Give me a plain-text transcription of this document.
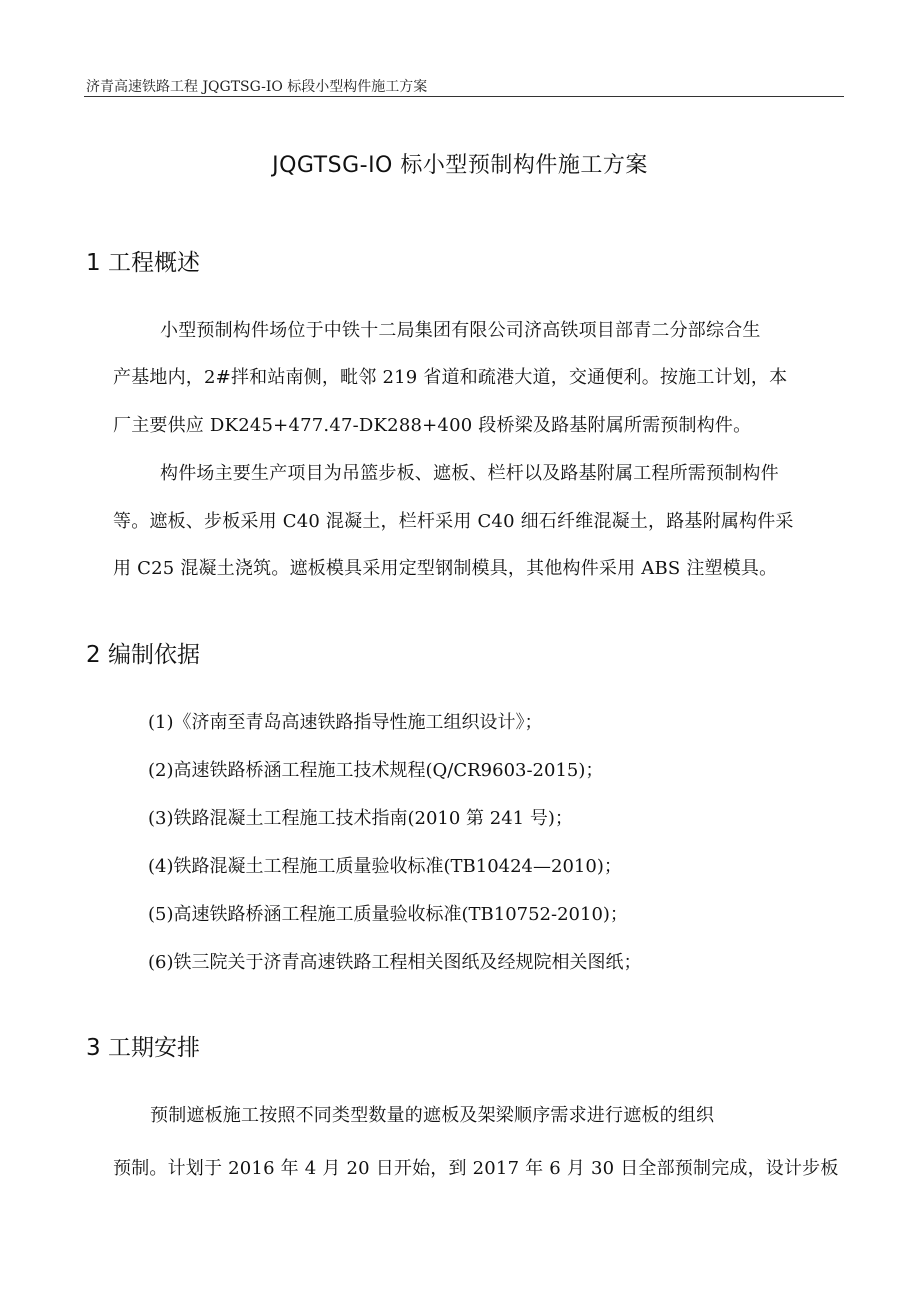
济青高速铁路工程 JQGTSG-IO 标段小型构件施工方案
JQGTSG-IO 标小型预制构件施工方案
1 工程概述
小型预制构件场位于中铁十二局集团有限公司济高铁项目部青二分部综合生
产基地内，2#拌和站南侧，毗邻 219 省道和疏港大道，交通便利。按施工计划，本
厂主要供应 DK245+477.47-DK288+400 段桥梁及路基附属所需预制构件。
构件场主要生产项目为吊篮步板、遮板、栏杆以及路基附属工程所需预制构件
等。遮板、步板采用 C40 混凝土，栏杆采用 C40 细石纤维混凝土，路基附属构件采
用 C25 混凝土浇筑。遮板模具采用定型钢制模具，其他构件采用 ABS 注塑模具。
2 编制依据
(1)《济南至青岛高速铁路指导性施工组织设计》；
(2)高速铁路桥涵工程施工技术规程(Q/CR9603-2015)；
(3)铁路混凝土工程施工技术指南(2010 第 241 号)；
(4)铁路混凝土工程施工质量验收标准(TB10424—2010)；
(5)高速铁路桥涵工程施工质量验收标准(TB10752-2010)；
(6)铁三院关于济青高速铁路工程相关图纸及经规院相关图纸；
3 工期安排
预制遮板施工按照不同类型数量的遮板及架梁顺序需求进行遮板的组织
预制。计划于 2016 年 4 月 20 日开始，到 2017 年 6 月 30 日全部预制完成，设计步板
